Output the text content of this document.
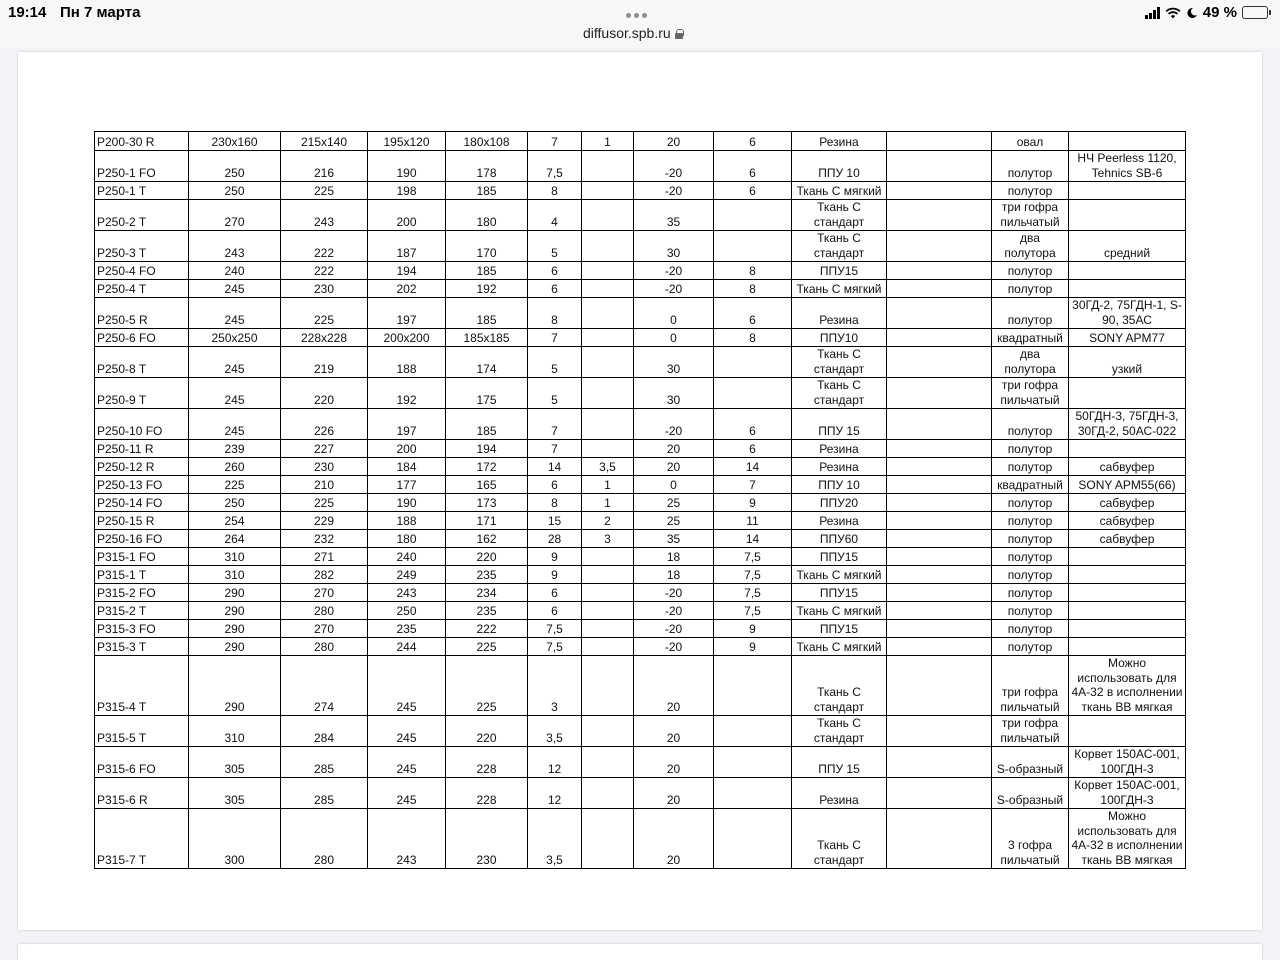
19:14 Пн 7 марта
diffusor.spb.ru
49 %
P200-30 R	230x160	215x140	195x120	180x108	7	1	20	6	Резина		овал	
P250-1 FO	250	216	190	178	7,5		-20	6	ППУ 10		полутор	НЧ Peerless 1120, Tehnics SB-6
P250-1 T	250	225	198	185	8		-20	6	Ткань С мягкий		полутор	
P250-2 T	270	243	200	180	4		35		Ткань С стандарт		три гофра пильчатый	
P250-3 T	243	222	187	170	5		30		Ткань С стандарт		два полутора	средний
P250-4 FO	240	222	194	185	6		-20	8	ППУ15		полутор	
P250-4 T	245	230	202	192	6		-20	8	Ткань С мягкий		полутор	
P250-5 R	245	225	197	185	8		0	6	Резина		полутор	30ГД-2, 75ГДН-1, S-90, 35АС
P250-6 FO	250x250	228x228	200x200	185x185	7		0	8	ППУ10		квадратный	SONY APM77
P250-8 T	245	219	188	174	5		30		Ткань С стандарт		два полутора	узкий
P250-9 T	245	220	192	175	5		30		Ткань С стандарт		три гофра пильчатый	
P250-10 FO	245	226	197	185	7		-20	6	ППУ 15		полутор	50ГДН-3, 75ГДН-3, 30ГД-2, 50АС-022
P250-11 R	239	227	200	194	7		20	6	Резина		полутор	
P250-12 R	260	230	184	172	14	3,5	20	14	Резина		полутор	сабвуфер
P250-13 FO	225	210	177	165	6	1	0	7	ППУ 10		квадратный	SONY APM55(66)
P250-14 FO	250	225	190	173	8	1	25	9	ППУ20		полутор	сабвуфер
P250-15 R	254	229	188	171	15	2	25	11	Резина		полутор	сабвуфер
P250-16 FO	264	232	180	162	28	3	35	14	ППУ60		полутор	сабвуфер
P315-1 FO	310	271	240	220	9		18	7,5	ППУ15		полутор	
P315-1 T	310	282	249	235	9		18	7,5	Ткань С мягкий		полутор	
P315-2 FO	290	270	243	234	6		-20	7,5	ППУ15		полутор	
P315-2 T	290	280	250	235	6		-20	7,5	Ткань С мягкий		полутор	
P315-3 FO	290	270	235	222	7,5		-20	9	ППУ15		полутор	
P315-3 T	290	280	244	225	7,5		-20	9	Ткань С мягкий		полутор	
P315-4 T	290	274	245	225	3		20		Ткань С стандарт		три гофра пильчатый	Можно использовать для 4А-32 в исполнении ткань BB мягкая
P315-5 T	310	284	245	220	3,5		20		Ткань С стандарт		три гофра пильчатый	
P315-6 FO	305	285	245	228	12		20		ППУ 15		S-образный	Корвет 150АС-001, 100ГДН-3
P315-6 R	305	285	245	228	12		20		Резина		S-образный	Корвет 150АС-001, 100ГДН-3
P315-7 T	300	280	243	230	3,5		20		Ткань С стандарт		3 гофра пильчатый	Можно использовать для 4А-32 в исполнении ткань BB мягкая
